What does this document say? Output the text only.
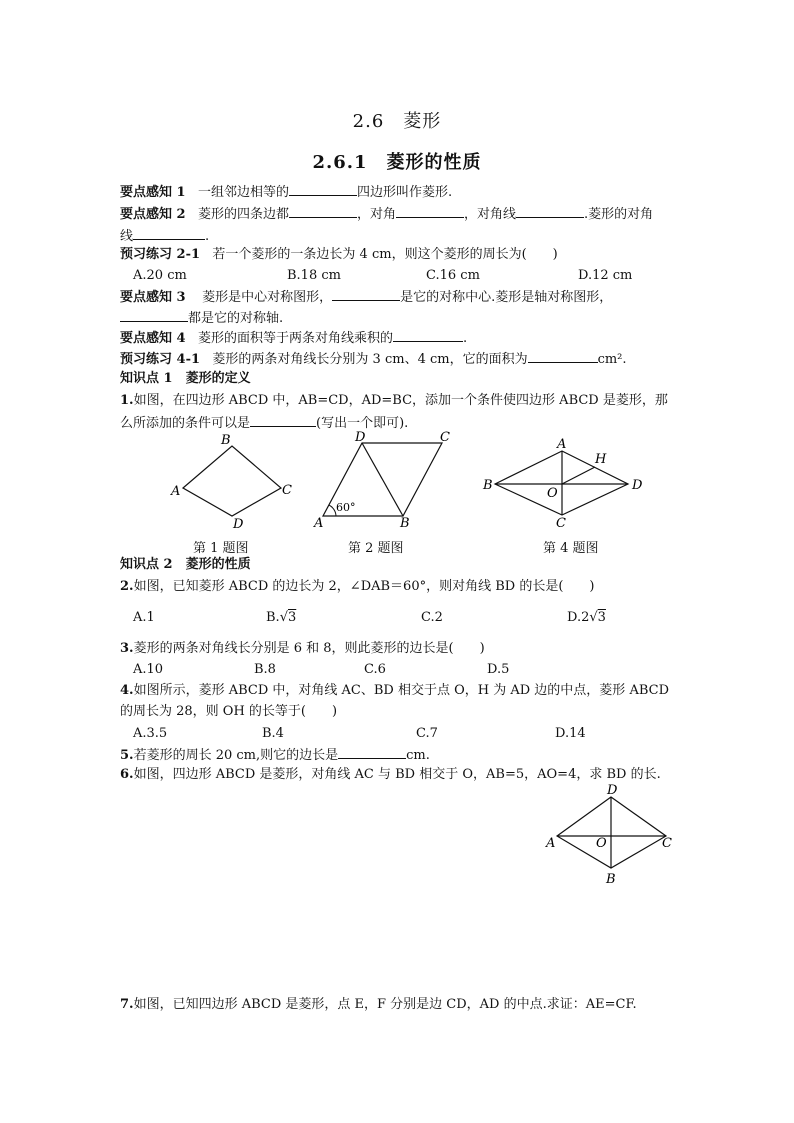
2.6　菱形
2.6.1　菱形的性质
要点感知 1 一组邻边相等的	四边形叫作菱形.
要点感知 2 菱形的四条边都	，对角	，对角线	.菱形的对角
线	.
预习练习 2-1 若一个菱形的一条边长为 4 cm，则这个菱形的周长为(　　)
A.20 cm	B.18 cm	C.16 cm	D.12 cm
要点感知 3 菱形是中心对称图形，	是它的对称中心.菱形是轴对称图形，
都是它的对称轴.
要点感知 4 菱形的面积等于两条对角线乘积的	.
预习练习 4-1 菱形的两条对角线长分别为 3 cm、4 cm，它的面积为	cm².
知识点 1　菱形的定义
1.如图，在四边形 ABCD 中，AB=CD，AD=BC，添加一个条件使四边形 ABCD 是菱形，那
么所添加的条件可以是	(写出一个即可).
B
A	C
D
60°
D	C
A	B
A
H
B	D
O
C
第 1 题图	第 2 题图	第 4 题图
知识点 2　菱形的性质
2.如图，已知菱形 ABCD 的边长为 2，∠DAB＝60°，则对角线 BD 的长是(　　)
A.1	B.√3	C.2	D.2√3
3.菱形的两条对角线长分别是 6 和 8，则此菱形的边长是(　　)
A.10	B.8	C.6	D.5
4.如图所示，菱形 ABCD 中，对角线 AC、BD 相交于点 O，H 为 AD 边的中点，菱形 ABCD
的周长为 28，则 OH 的长等于(　　)
A.3.5	B.4	C.7	D.14
5.若菱形的周长 20 cm,则它的边长是	cm.
6.如图，四边形 ABCD 是菱形，对角线 AC 与 BD 相交于 O，AB=5，AO=4，求 BD 的长.
D
A	O	C
B
7.如图，已知四边形 ABCD 是菱形，点 E，F 分别是边 CD，AD 的中点.求证：AE=CF.
